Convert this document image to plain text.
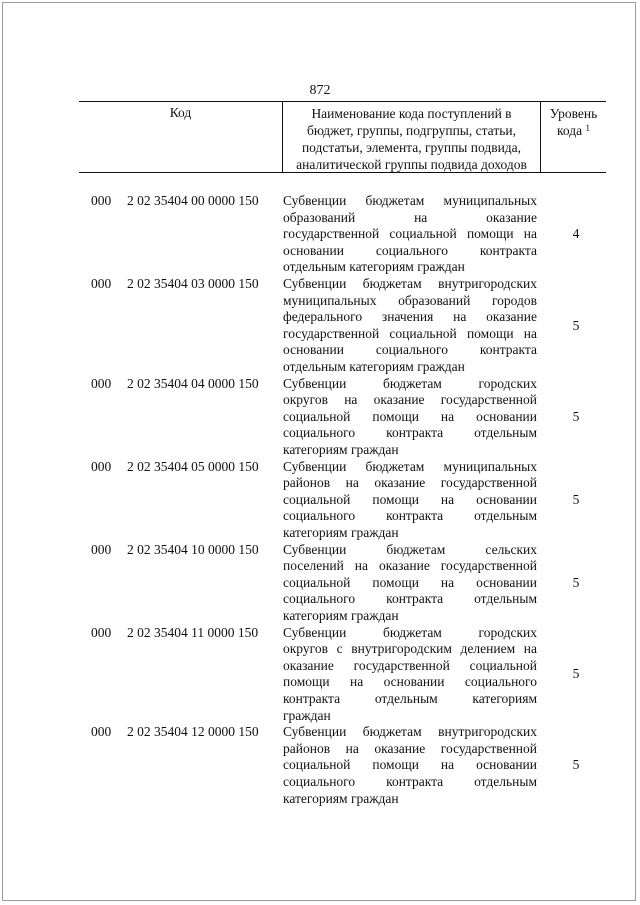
872
Код	Наименование кода поступлений в
бюджет, группы, подгруппы, статьи,
подстатьи, элемента, группы подвида,
аналитической группы подвида доходов
Уровень
кода $^1$
000 2 02 35404 00 0000 150 Субвенции бюджетам муниципальных
образований на оказание
государственной социальной помощи на
основании социального контракта
отдельным категориям граждан
4
000 2 02 35404 03 0000 150 Субвенции бюджетам внутригородских
муниципальных образований городов
федерального значения на оказание
государственной социальной помощи на
основании социального контракта
отдельным категориям граждан
5
000 2 02 35404 04 0000 150 Субвенции бюджетам городских
округов на оказание государственной
социальной помощи на основании
социального контракта отдельным
категориям граждан
5
000 2 02 35404 05 0000 150 Субвенции бюджетам муниципальных
районов на оказание государственной
социальной помощи на основании
социального контракта отдельным
категориям граждан
5
000 2 02 35404 10 0000 150 Субвенции бюджетам сельских
поселений на оказание государственной
социальной помощи на основании
социального контракта отдельным
категориям граждан
5
000 2 02 35404 11 0000 150 Субвенции бюджетам городских
округов с внутригородским делением на
оказание государственной социальной
помощи на основании социального
контракта отдельным категориям
граждан
5
000 2 02 35404 12 0000 150 Субвенции бюджетам внутригородских
районов на оказание государственной
социальной помощи на основании
социального контракта отдельным
категориям граждан
5
